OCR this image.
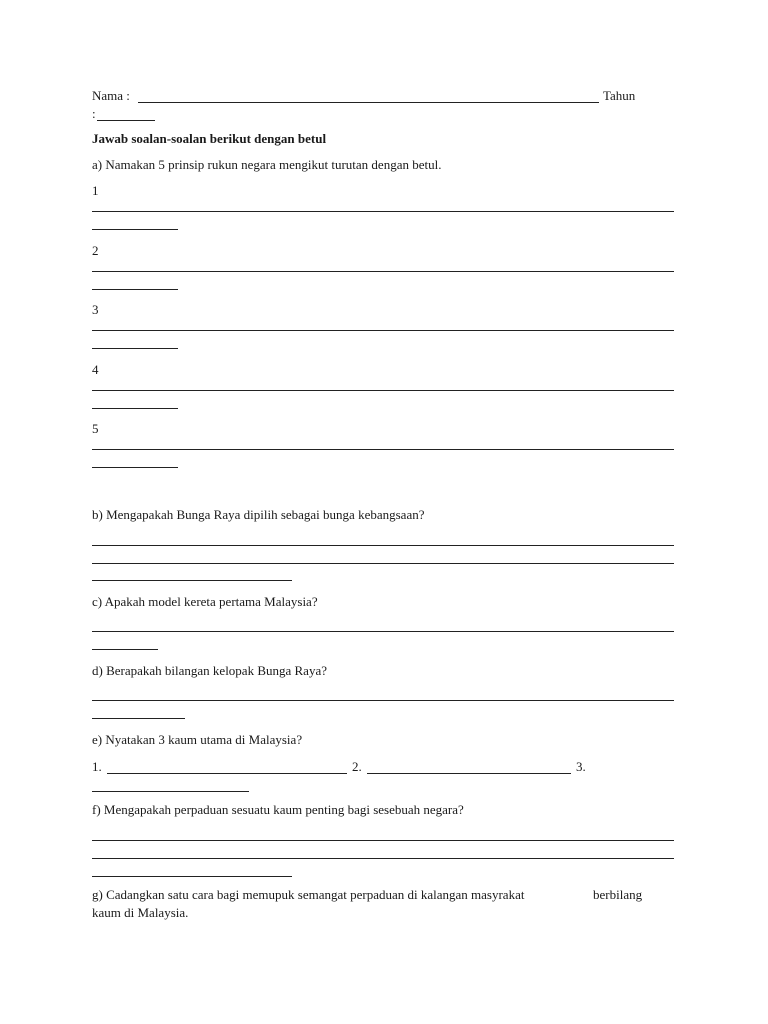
Nama :	Tahun
:
Jawab soalan-soalan berikut dengan betul
a) Namakan 5 prinsip rukun negara mengikut turutan dengan betul.
1
2
3
4
5
b) Mengapakah Bunga Raya dipilih sebagai bunga kebangsaan?
c) Apakah model kereta pertama Malaysia?
d) Berapakah bilangan kelopak Bunga Raya?
e) Nyatakan 3 kaum utama di Malaysia?
1.	2.	3.
f) Mengapakah perpaduan sesuatu kaum penting bagi sesebuah negara?
g) Cadangkan satu cara bagi memupuk semangat perpaduan di kalangan masyrakat	berbilang
kaum di Malaysia.
